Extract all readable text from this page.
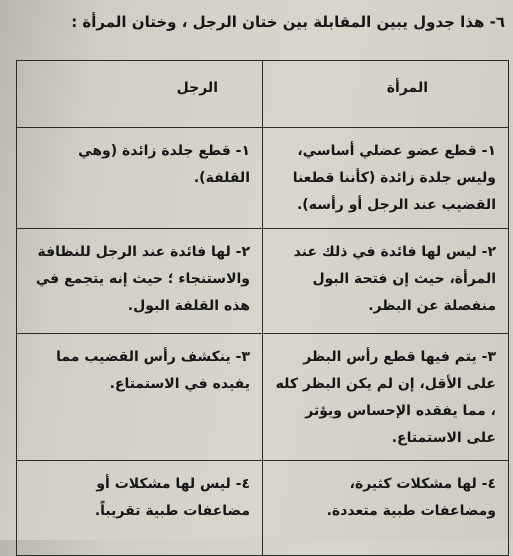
٦- هذا جدول يبين المقابلة بين ختان الرجل ، وختان المرأة :
المرأة	الرجل
١- قطع عضو عضلي أساسي، وليس جلدة زائدة (كأننا قطعنا القضيب عند الرجل أو رأسه).	١- قطع جلدة زائدة (وهي القلفة).
٢- ليس لها فائدة في ذلك عند المرأة، حيث إن فتحة البول منفصلة عن البظر.	٢- لها فائدة عند الرجل للنظافة والاستنجاء ؛ حيث إنه يتجمع في هذه القلفة البول.
٣- يتم فيها قطع رأس البظر على الأقل، إن لم يكن البظر كله ، مما يفقده الإحساس ويؤثر على الاستمتاع.	٣- ينكشف رأس القضيب مما يفيده في الاستمتاع.
٤- لها مشكلات كثيرة، ومضاعفات طبية متعددة.	٤- ليس لها مشكلات أو مضاعفات طبية تقريباً.
